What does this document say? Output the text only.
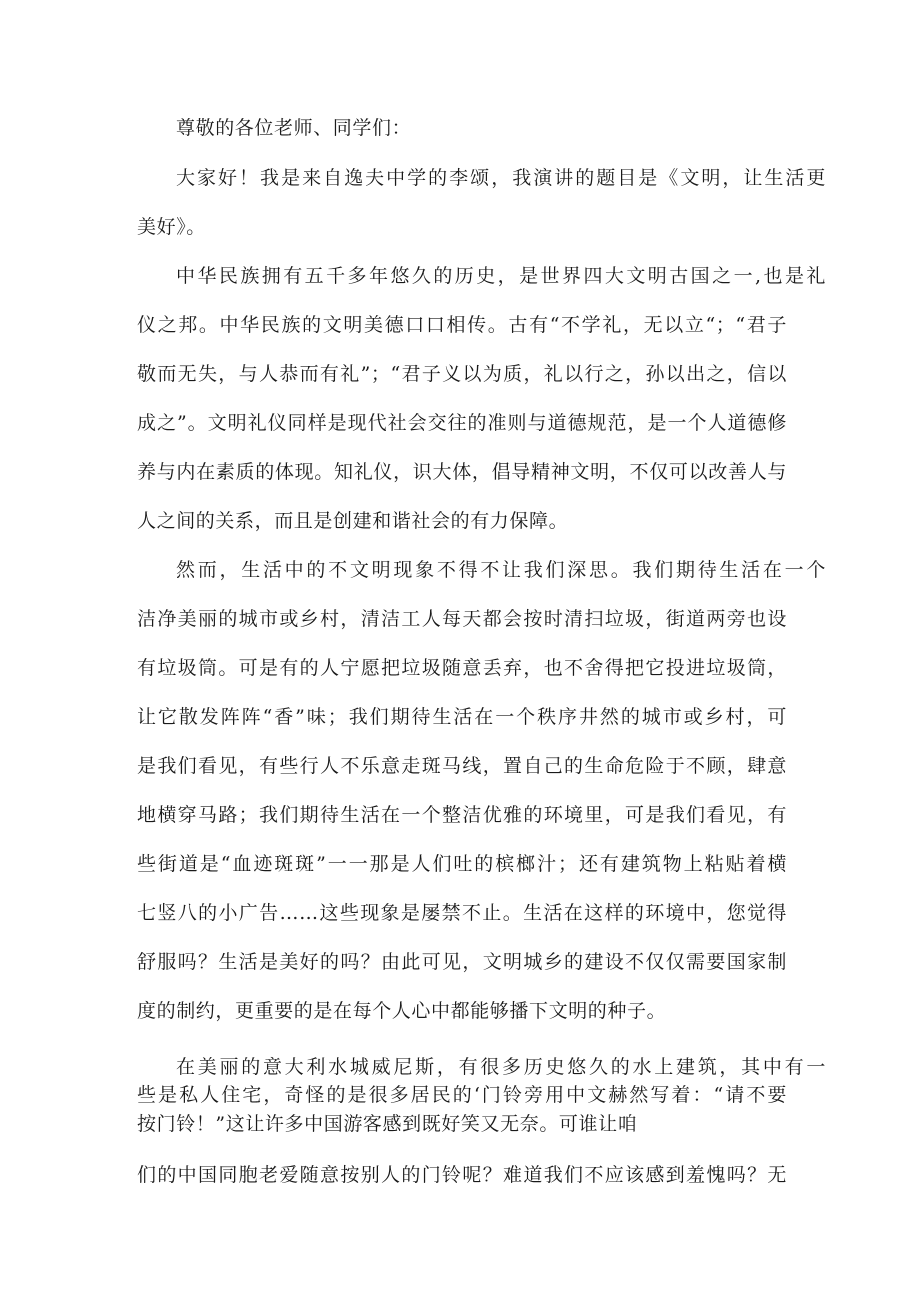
尊敬的各位老师、同学们：
大家好！我是来自逸夫中学的李颂，我演讲的题目是《文明，让生活更
美好》。
中华民族拥有五千多年悠久的历史，是世界四大文明古国之一,也是礼
仪之邦。中华民族的文明美德口口相传。古有“不学礼，无以立“；“君子
敬而无失，与人恭而有礼”；“君子义以为质，礼以行之，孙以出之，信以
成之”。文明礼仪同样是现代社会交往的准则与道德规范，是一个人道德修
养与内在素质的体现。知礼仪，识大体，倡导精神文明，不仅可以改善人与
人之间的关系，而且是创建和谐社会的有力保障。
然而，生活中的不文明现象不得不让我们深思。我们期待生活在一个
洁净美丽的城市或乡村，清洁工人每天都会按时清扫垃圾，街道两旁也设
有垃圾筒。可是有的人宁愿把垃圾随意丢弃，也不舍得把它投进垃圾筒，
让它散发阵阵“香”味；我们期待生活在一个秩序井然的城市或乡村，可
是我们看见，有些行人不乐意走斑马线，置自己的生命危险于不顾，肆意
地横穿马路；我们期待生活在一个整洁优雅的环境里，可是我们看见，有
些街道是“血迹斑斑”一一那是人们吐的槟榔汁；还有建筑物上粘贴着横
七竖八的小广告……这些现象是屡禁不止。生活在这样的环境中，您觉得
舒服吗？生活是美好的吗？由此可见，文明城乡的建设不仅仅需要国家制
度的制约，更重要的是在每个人心中都能够播下文明的种子。
在美丽的意大利水城威尼斯，有很多历史悠久的水上建筑，其中有一
些是私人住宅，奇怪的是很多居民的‘门铃旁用中文赫然写着：“请不要
按门铃！”这让许多中国游客感到既好笑又无奈。可谁让咱
们的中国同胞老爱随意按别人的门铃呢？难道我们不应该感到羞愧吗？无
